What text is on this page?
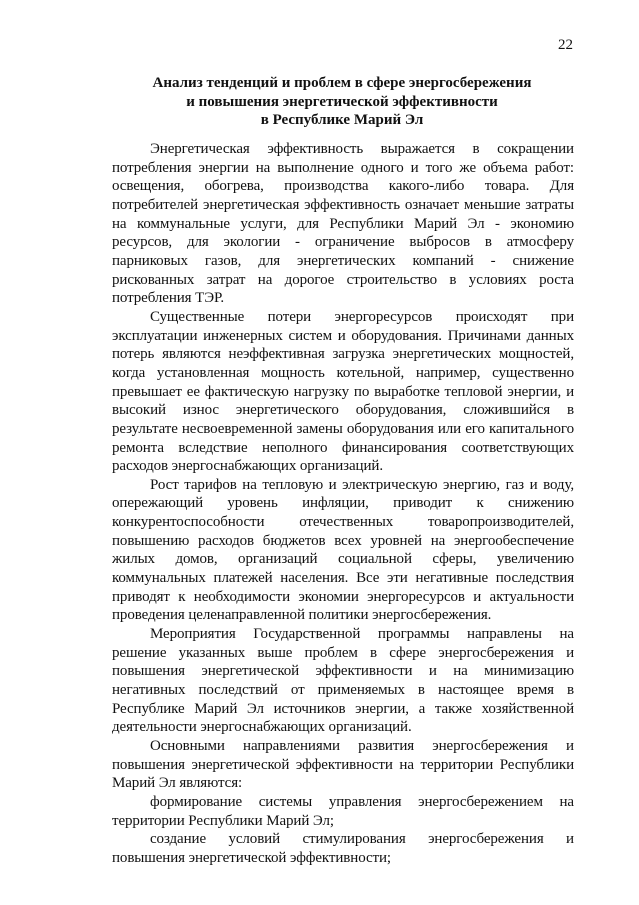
22
Анализ тенденций и проблем в сфере энергосбережения
и повышения энергетической эффективности
в Республике Марий Эл

Энергетическая эффективность выражается в сокращении потребления энергии на выполнение одного и того же объема работ: освещения, обогрева, производства какого-либо товара. Для потребителей энергетическая эффективность означает меньшие затраты на коммунальные услуги, для Республики Марий Эл - экономию ресурсов, для экологии - ограничение выбросов в атмосферу парниковых газов, для энергетических компаний - снижение рискованных затрат на дорогое строительство в условиях роста потребления ТЭР.

Существенные потери энергоресурсов происходят при эксплуатации инженерных систем и оборудования. Причинами данных потерь являются неэффективная загрузка энергетических мощностей, когда установленная мощность котельной, например, существенно превышает ее фактическую нагрузку по выработке тепловой энергии, и высокий износ энергетического оборудования, сложившийся в результате несвоевременной замены оборудования или его капитального ремонта вследствие неполного финансирования соответствующих расходов энергоснабжающих организаций.

Рост тарифов на тепловую и электрическую энергию, газ и воду, опережающий уровень инфляции, приводит к снижению конкурентоспособности отечественных товаропроизводителей, повышению расходов бюджетов всех уровней на энергообеспечение жилых домов, организаций социальной сферы, увеличению коммунальных платежей населения. Все эти негативные последствия приводят к необходимости экономии энергоресурсов и актуальности проведения целенаправленной политики энергосбережения.

Мероприятия Государственной программы направлены на решение указанных выше проблем в сфере энергосбережения и повышения энергетической эффективности и на минимизацию негативных последствий от применяемых в настоящее время в Республике Марий Эл источников энергии, а также хозяйственной деятельности энергоснабжающих организаций.

Основными направлениями развития энергосбережения и повышения энергетической эффективности на территории Республики Марий Эл являются:

формирование системы управления энергосбережением на территории Республики Марий Эл;

создание условий стимулирования энергосбережения и повышения энергетической эффективности;
